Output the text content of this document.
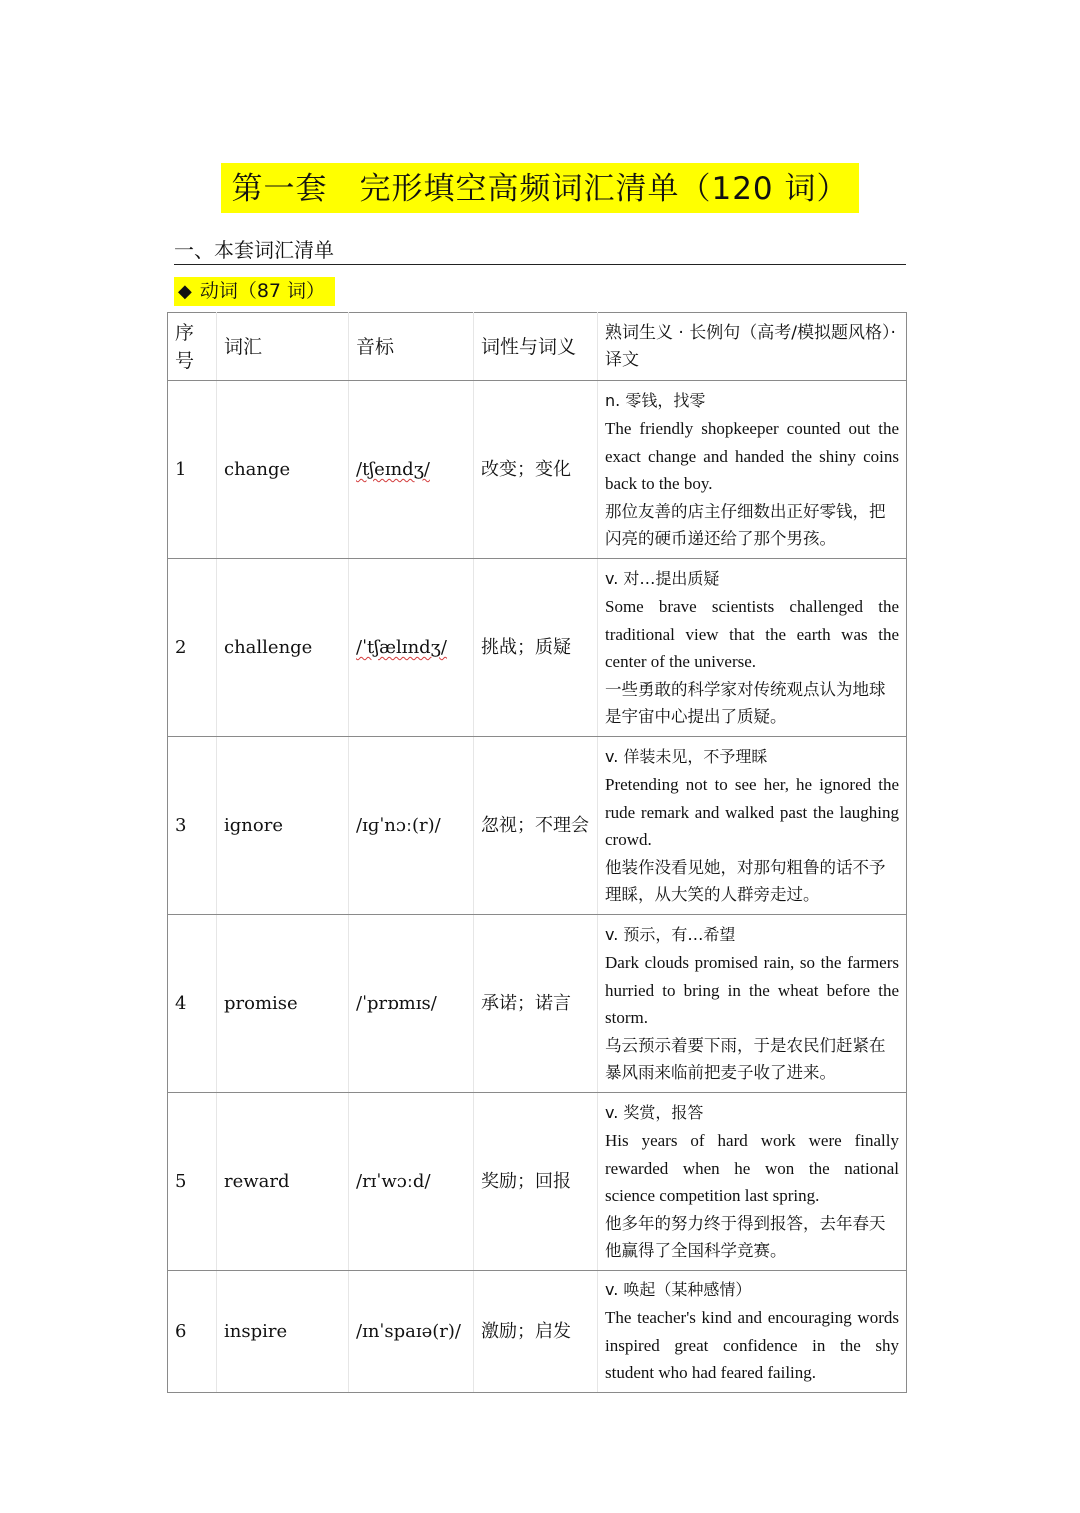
第一套　完形填空高频词汇清单（120 词）
一、本套词汇清单
◆ 动词（87 词）
序号	词汇	音标	词性与词义	熟词生义 · 长例句（高考/模拟题风格）· 译文
1	change	/tʃeɪndʒ/	改变；变化	n. 零钱，找零
The friendly shopkeeper counted out the exact change and handed the shiny coins back to the boy.
那位友善的店主仔细数出正好零钱，把闪亮的硬币递还给了那个男孩。

2	challenge	/ˈtʃælɪndʒ/	挑战；质疑	v. 对…提出质疑
Some brave scientists challenged the traditional view that the earth was the center of the universe.
一些勇敢的科学家对传统观点认为地球是宇宙中心提出了质疑。

3	ignore	/ɪɡˈnɔː(r)/	忽视；不理会	v. 佯装未见，不予理睬
Pretending not to see her, he ignored the rude remark and walked past the laughing crowd.
他装作没看见她，对那句粗鲁的话不予理睬，从大笑的人群旁走过。

4	promise	/ˈprɒmɪs/	承诺；诺言	v. 预示，有…希望
Dark clouds promised rain, so the farmers hurried to bring in the wheat before the storm.
乌云预示着要下雨，于是农民们赶紧在暴风雨来临前把麦子收了进来。

5	reward	/rɪˈwɔːd/	奖励；回报	v. 奖赏，报答
His years of hard work were finally rewarded when he won the national science competition last spring.
他多年的努力终于得到报答，去年春天他赢得了全国科学竞赛。

6	inspire	/ɪnˈspaɪə(r)/	激励；启发	v. 唤起（某种感情）
The teacher's kind and encouraging words inspired great confidence in the shy student who had feared failing.
